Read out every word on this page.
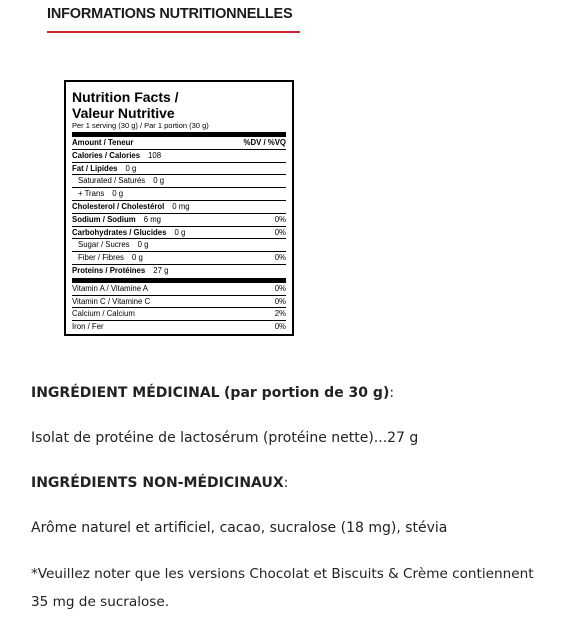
INFORMATIONS NUTRITIONNELLES
Nutrition Facts /
Valeur Nutritive
Per 1 serving (30 g) / Par 1 portion (30 g)
Amount / Teneur	%DV / %VQ
Calories / Calories 108
Fat / Lipides 0 g
Saturated / Saturés 0 g
+ Trans 0 g
Cholesterol / Cholestérol 0 mg
Sodium / Sodium 6 mg	0%
Carbohydrates / Glucides 0 g	0%
Sugar / Sucres 0 g
Fiber / Fibres 0 g	0%
Proteins / Protéines 27 g
Vitamin A / Vitamine A	0%
Vitamin C / Vitamine C	0%
Calcium / Calcium	2%
Iron / Fer	0%
INGRÉDIENT MÉDICINAL (par portion de 30 g):
Isolat de protéine de lactosérum (protéine nette)...27 g
INGRÉDIENTS NON-MÉDICINAUX:
Arôme naturel et artificiel, cacao, sucralose (18 mg), stévia
*Veuillez noter que les versions Chocolat et Biscuits & Crème contiennent
35 mg de sucralose.
